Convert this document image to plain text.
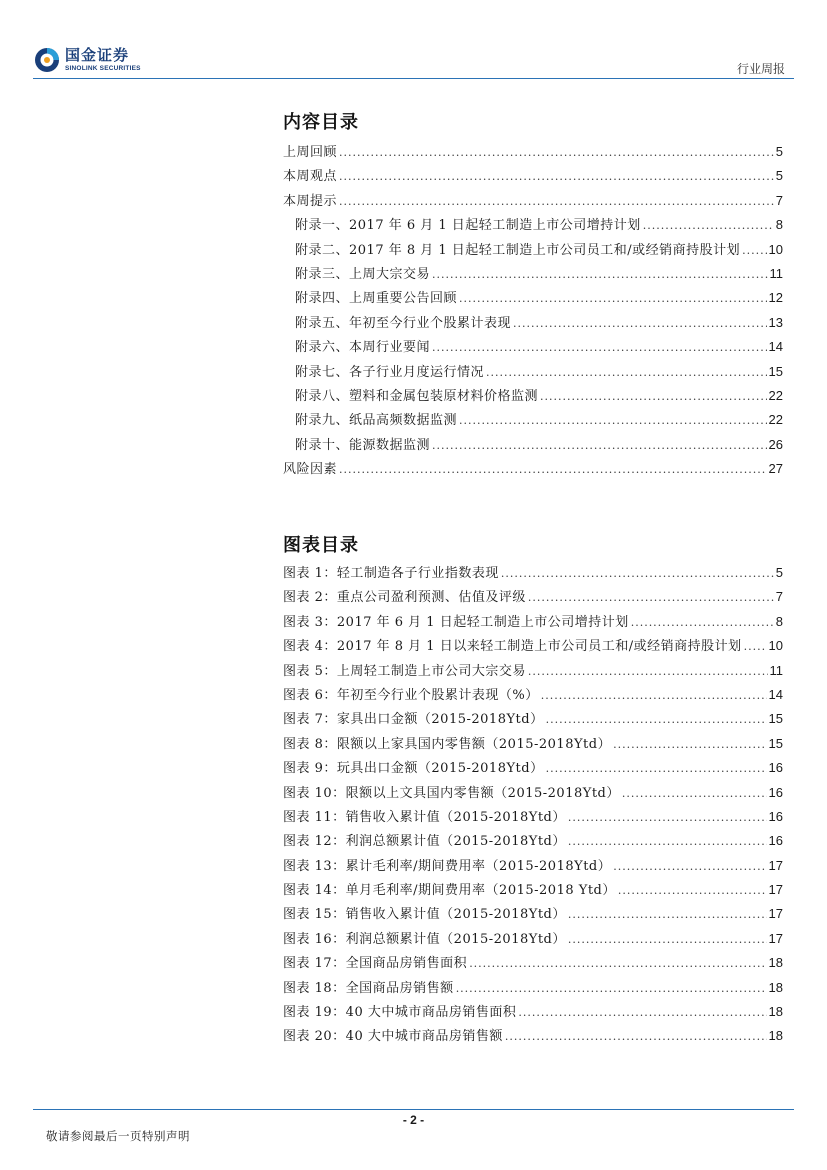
国金证券
SINOLINK SECURITIES	行业周报
内容目录
上周回顾 .....	5
本周观点 .....	5
本周提示 .....	7
附录一、2017 年 6 月 1 日起轻工制造上市公司增持计划 .....	8
附录二、2017 年 8 月 1 日起轻工制造上市公司员工和/或经销商持股计划 ..... 10
附录三、上周大宗交易 .....	11
附录四、上周重要公告回顾 .....	12
附录五、年初至今行业个股累计表现 .....	13
附录六、本周行业要闻 .....	14
附录七、各子行业月度运行情况 .....	15
附录八、塑料和金属包装原材料价格监测 .....	22
附录九、纸品高频数据监测 .....	22
附录十、能源数据监测 .....	26
风险因素 .....	27
图表目录
图表 1：轻工制造各子行业指数表现 .....	5
图表 2：重点公司盈利预测、估值及评级 .....	7
图表 3：2017 年 6 月 1 日起轻工制造上市公司增持计划 .....	8
图表 4：2017 年 8 月 1 日以来轻工制造上市公司员工和/或经销商持股计划 ..... 10
图表 5：上周轻工制造上市公司大宗交易 .....	11
图表 6：年初至今行业个股累计表现（%） .....	14
图表 7：家具出口金额（2015-2018Ytd） .....	15
图表 8：限额以上家具国内零售额（2015-2018Ytd） .....	15
图表 9：玩具出口金额（2015-2018Ytd） .....	16
图表 10：限额以上文具国内零售额（2015-2018Ytd） .....	16
图表 11：销售收入累计值（2015-2018Ytd） .....	16
图表 12：利润总额累计值（2015-2018Ytd） .....	16
图表 13：累计毛利率/期间费用率（2015-2018Ytd） .....	17
图表 14：单月毛利率/期间费用率（2015-2018 Ytd） .....	17
图表 15：销售收入累计值（2015-2018Ytd） .....	17
图表 16：利润总额累计值（2015-2018Ytd） .....	17
图表 17：全国商品房销售面积 .....	18
图表 18：全国商品房销售额 .....	18
图表 19：40 大中城市商品房销售面积 .....	18
图表 20：40 大中城市商品房销售额 .....	18
- 2 -
敬请参阅最后一页特别声明
